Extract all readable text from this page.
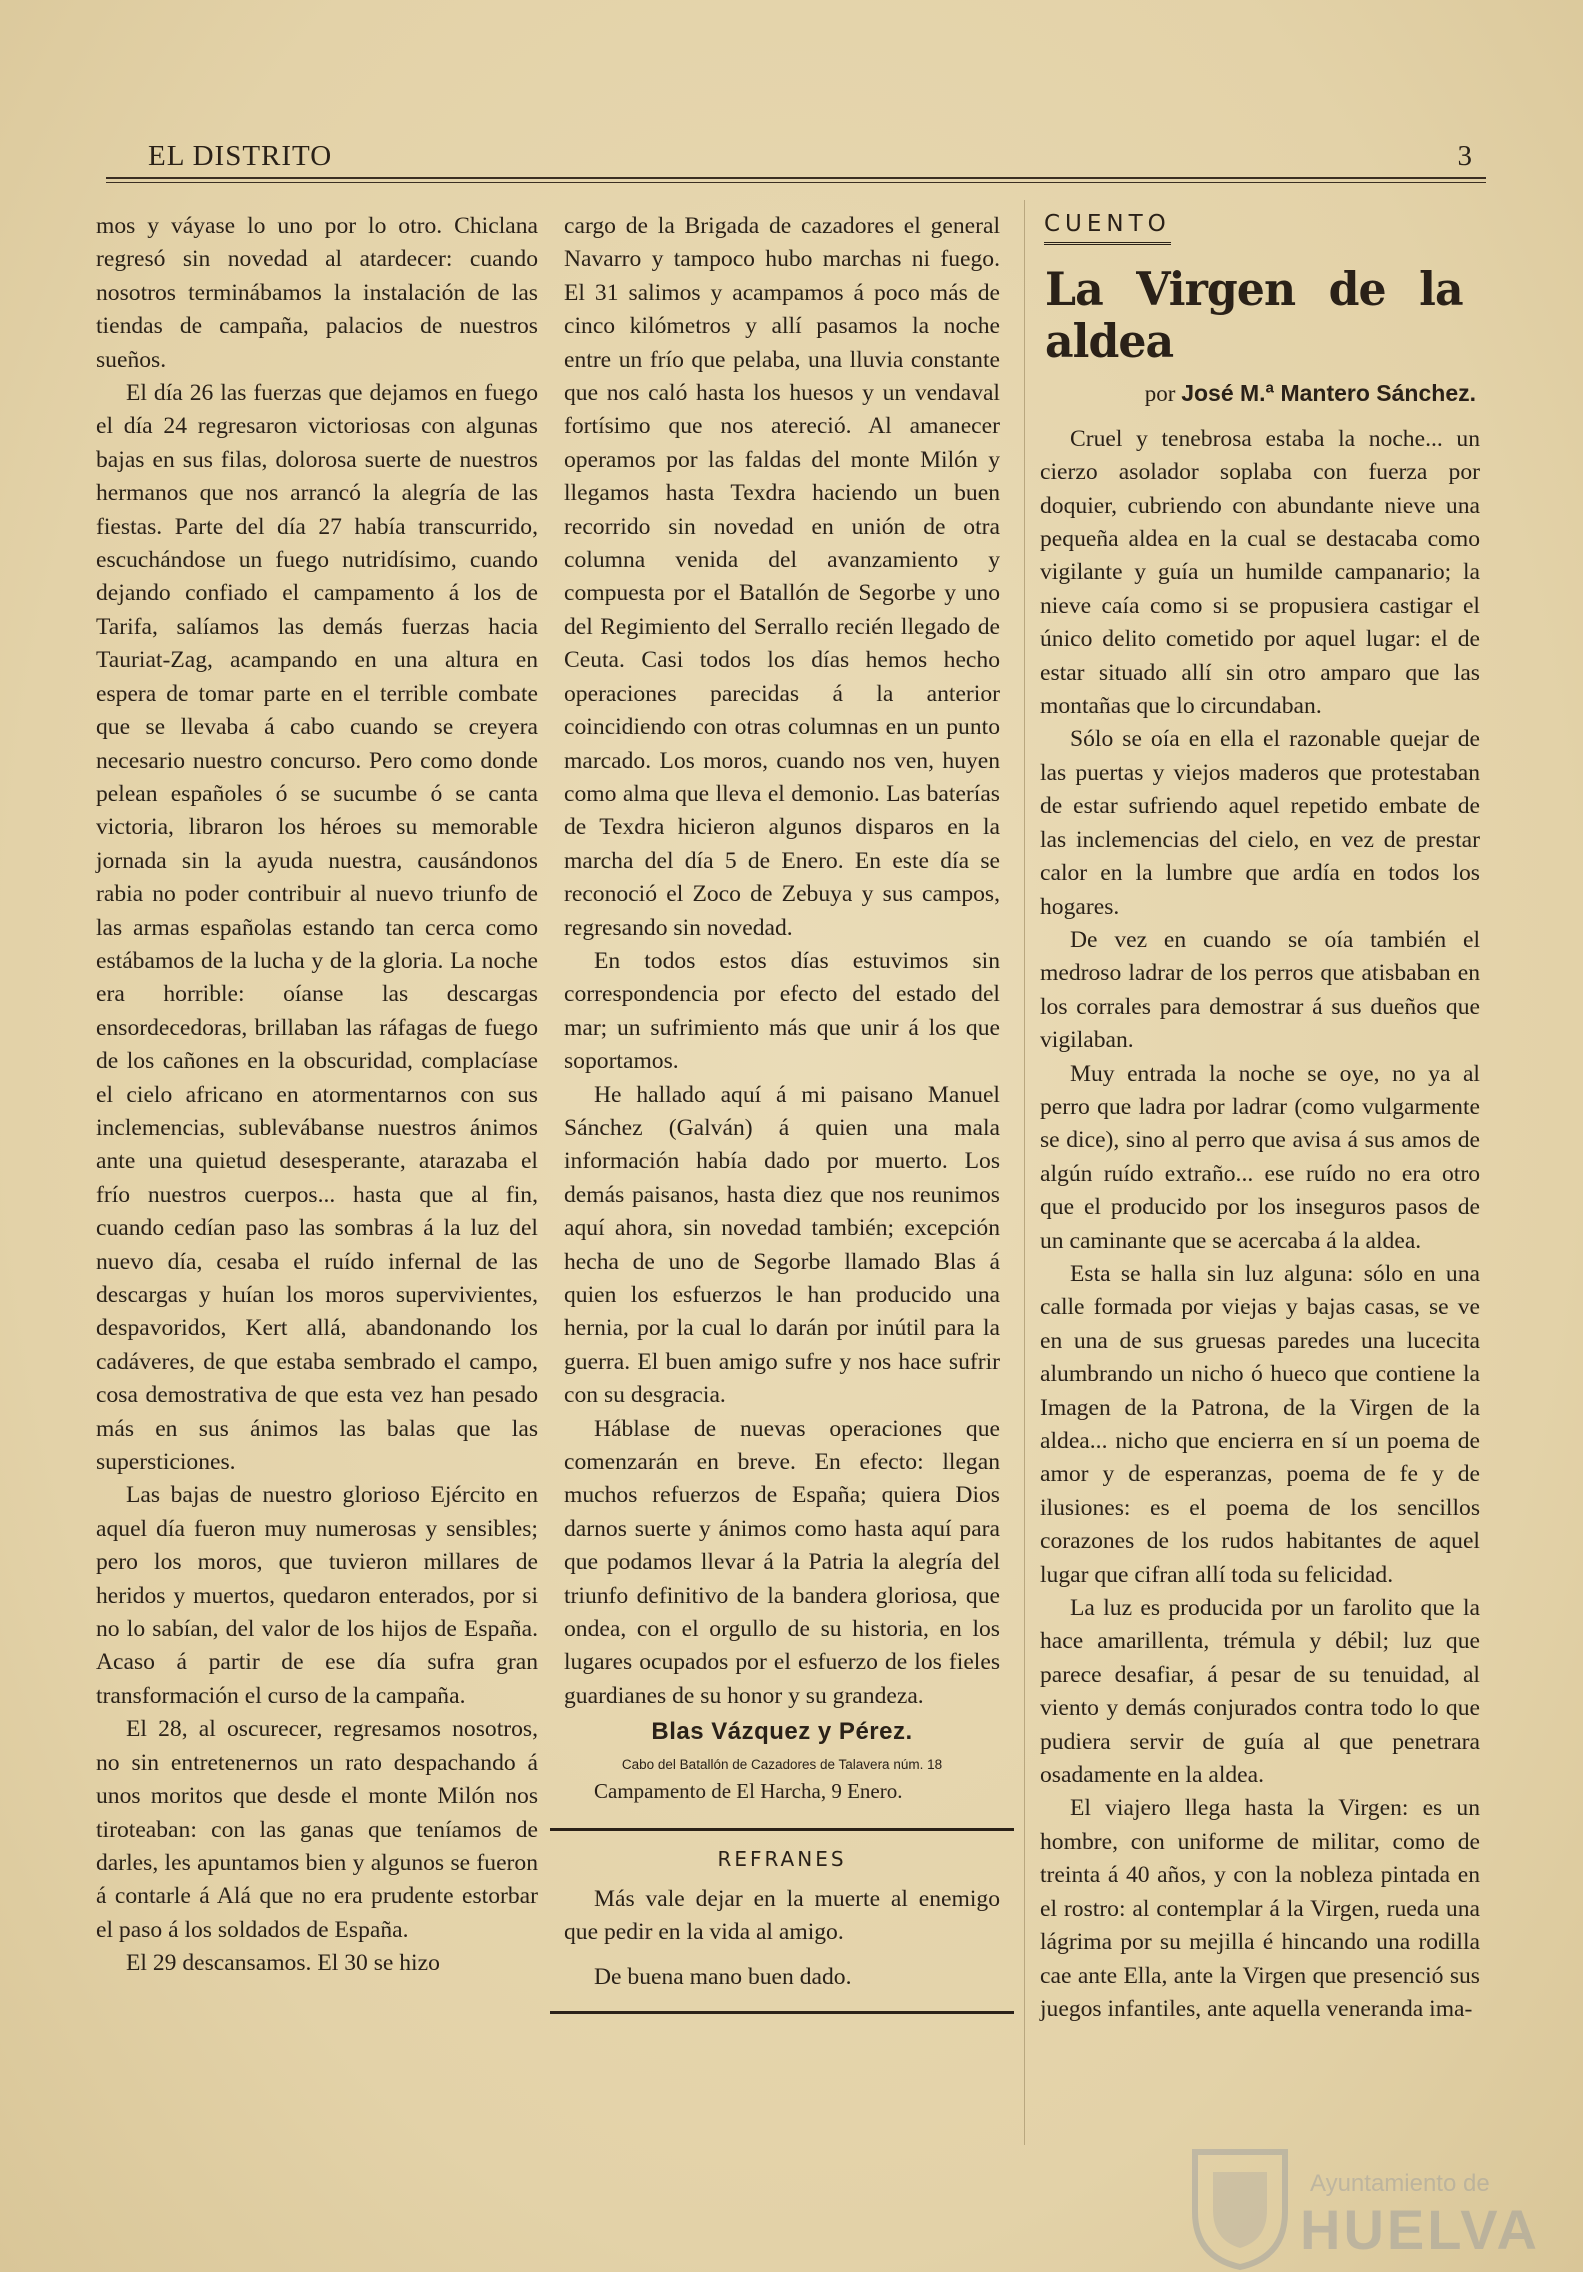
EL DISTRITO	3

mos y váyase lo uno por lo otro. Chiclana regresó sin novedad al atardecer: cuando nosotros terminábamos la instalación de las tiendas de campaña, palacios de nuestros sueños.

El día 26 las fuerzas que dejamos en fuego el día 24 regresaron victoriosas con algunas bajas en sus filas, dolorosa suerte de nuestros hermanos que nos arrancó la alegría de las fiestas. Parte del día 27 había transcurrido, escuchándose un fuego nutridísimo, cuando dejando confiado el campamento á los de Tarifa, salíamos las demás fuerzas hacia Tauriat-Zag, acampando en una altura en espera de tomar parte en el terrible combate que se llevaba á cabo cuando se creyera necesario nuestro concurso. Pero como donde pelean españoles ó se sucumbe ó se canta victoria, libraron los héroes su memorable jornada sin la ayuda nuestra, causándonos rabia no poder contribuir al nuevo triunfo de las armas españolas estando tan cerca como estábamos de la lucha y de la gloria. La noche era horrible: oíanse las descargas ensordecedoras, brillaban las ráfagas de fuego de los cañones en la obscuridad, complacíase el cielo africano en atormentarnos con sus inclemencias, sublevábanse nuestros ánimos ante una quietud desesperante, atarazaba el frío nuestros cuerpos... hasta que al fin, cuando cedían paso las sombras á la luz del nuevo día, cesaba el ruído infernal de las descargas y huían los moros supervivientes, despavoridos, Kert allá, abandonando los cadáveres, de que estaba sembrado el campo, cosa demostrativa de que esta vez han pesado más en sus ánimos las balas que las supersticiones.

Las bajas de nuestro glorioso Ejército en aquel día fueron muy numerosas y sensibles; pero los moros, que tuvieron millares de heridos y muertos, quedaron enterados, por si no lo sabían, del valor de los hijos de España. Acaso á partir de ese día sufra gran transformación el curso de la campaña.

El 28, al oscurecer, regresamos nosotros, no sin entretenernos un rato despachando á unos moritos que desde el monte Milón nos tiroteaban: con las ganas que teníamos de darles, les apuntamos bien y algunos se fueron á contarle á Alá que no era prudente estorbar el paso á los soldados de España.

El 29 descansamos. El 30 se hizo

cargo de la Brigada de cazadores el general Navarro y tampoco hubo marchas ni fuego. El 31 salimos y acampamos á poco más de cinco kilómetros y allí pasamos la noche entre un frío que pelaba, una lluvia constante que nos caló hasta los huesos y un vendaval fortísimo que nos atereció. Al amanecer operamos por las faldas del monte Milón y llegamos hasta Texdra haciendo un buen recorrido sin novedad en unión de otra columna venida del avanzamiento y compuesta por el Batallón de Segorbe y uno del Regimiento del Serrallo recién llegado de Ceuta. Casi todos los días hemos hecho operaciones parecidas á la anterior coincidiendo con otras columnas en un punto marcado. Los moros, cuando nos ven, huyen como alma que lleva el demonio. Las baterías de Texdra hicieron algunos disparos en la marcha del día 5 de Enero. En este día se reconoció el Zoco de Zebuya y sus campos, regresando sin novedad.

En todos estos días estuvimos sin correspondencia por efecto del estado del mar; un sufrimiento más que unir á los que soportamos.

He hallado aquí á mi paisano Manuel Sánchez (Galván) á quien una mala información había dado por muerto. Los demás paisanos, hasta diez que nos reunimos aquí ahora, sin novedad también; excepción hecha de uno de Segorbe llamado Blas á quien los esfuerzos le han producido una hernia, por la cual lo darán por inútil para la guerra. El buen amigo sufre y nos hace sufrir con su desgracia.

Háblase de nuevas operaciones que comenzarán en breve. En efecto: llegan muchos refuerzos de España; quiera Dios darnos suerte y ánimos como hasta aquí para que podamos llevar á la Patria la alegría del triunfo definitivo de la bandera gloriosa, que ondea, con el orgullo de su historia, en los lugares ocupados por el esfuerzo de los fieles guardianes de su honor y su grandeza.

Blas Vázquez y Pérez.
Cabo del Batallón de Cazadores de Talavera núm. 18

Campamento de El Harcha, 9 Enero.

REFRANES

Más vale dejar en la muerte al enemigo que pedir en la vida al amigo.

De buena mano buen dado.

CUENTO
La Virgen de la aldea
por José M.ª Mantero Sánchez.

Cruel y tenebrosa estaba la noche... un cierzo asolador soplaba con fuerza por doquier, cubriendo con abundante nieve una pequeña aldea en la cual se destacaba como vigilante y guía un humilde campanario; la nieve caía como si se propusiera castigar el único delito cometido por aquel lugar: el de estar situado allí sin otro amparo que las montañas que lo circundaban.

Sólo se oía en ella el razonable quejar de las puertas y viejos maderos que protestaban de estar sufriendo aquel repetido embate de las inclemencias del cielo, en vez de prestar calor en la lumbre que ardía en todos los hogares.

De vez en cuando se oía también el medroso ladrar de los perros que atisbaban en los corrales para demostrar á sus dueños que vigilaban.

Muy entrada la noche se oye, no ya al perro que ladra por ladrar (como vulgarmente se dice), sino al perro que avisa á sus amos de algún ruído extraño... ese ruído no era otro que el producido por los inseguros pasos de un caminante que se acercaba á la aldea.

Esta se halla sin luz alguna: sólo en una calle formada por viejas y bajas casas, se ve en una de sus gruesas paredes una lucecita alumbrando un nicho ó hueco que contiene la Imagen de la Patrona, de la Virgen de la aldea... nicho que encierra en sí un poema de amor y de esperanzas, poema de fe y de ilusiones: es el poema de los sencillos corazones de los rudos habitantes de aquel lugar que cifran allí toda su felicidad.

La luz es producida por un farolito que la hace amarillenta, trémula y débil; luz que parece desafiar, á pesar de su tenuidad, al viento y demás conjurados contra todo lo que pudiera servir de guía al que penetrara osadamente en la aldea.

El viajero llega hasta la Virgen: es un hombre, con uniforme de militar, como de treinta á 40 años, y con la nobleza pintada en el rostro: al contemplar á la Virgen, rueda una lágrima por su mejilla é hincando una rodilla cae ante Ella, ante la Virgen que presenció sus juegos infantiles, ante aquella veneranda ima-

Ayuntamiento de
HUELVA
